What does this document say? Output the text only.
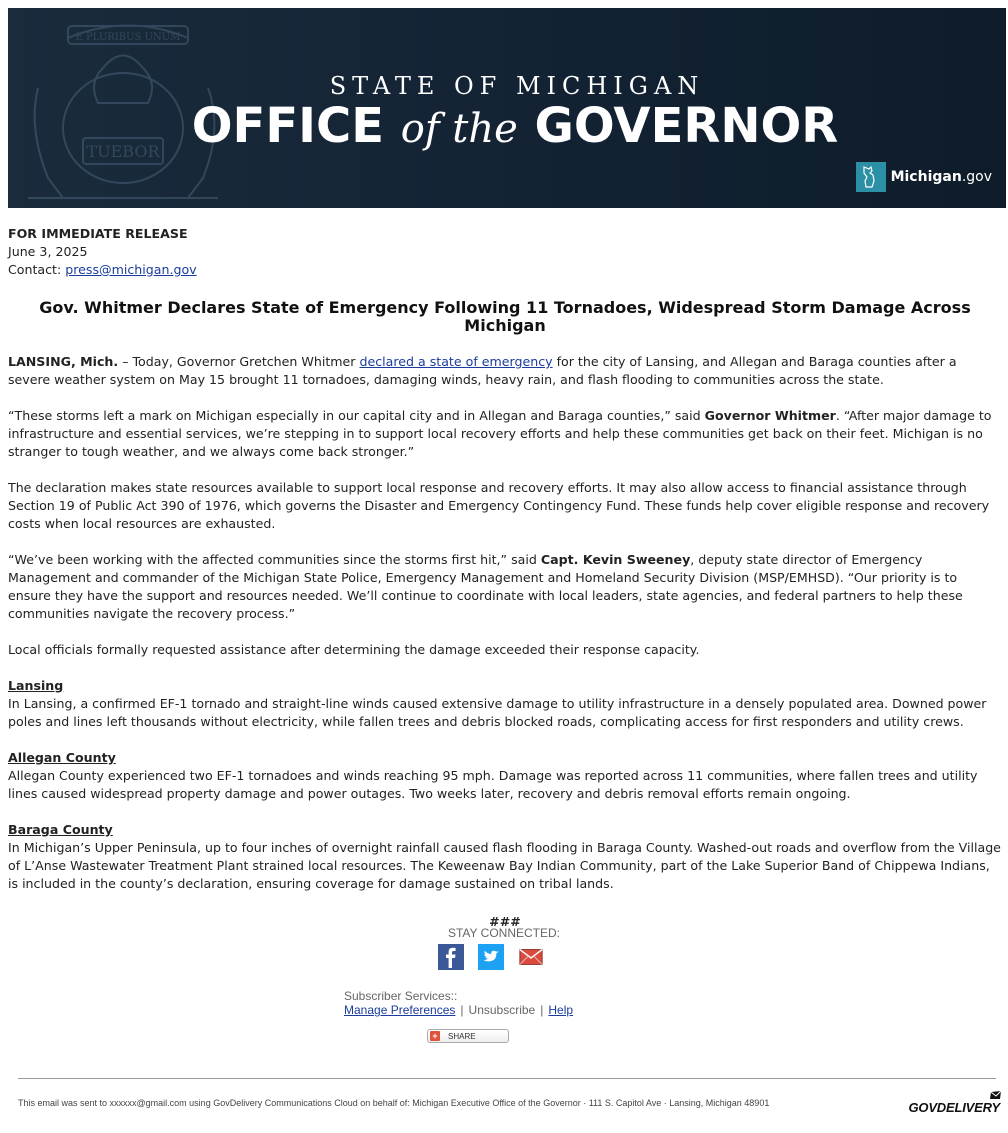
E PLURIBUS UNUM
TUEBOR
STATE OF MICHIGAN
OFFICE of the GOVERNOR
Michigan .gov
FOR IMMEDIATE RELEASE
June 3, 2025
Contact: press@michigan.gov
Gov. Whitmer Declares State of Emergency Following 11 Tornadoes, Widespread Storm Damage Across Michigan

LANSING, Mich. – Today, Governor Gretchen Whitmer declared a state of emergency for the city of Lansing, and Allegan and Baraga counties after a severe weather system on May 15 brought 11 tornadoes, damaging winds, heavy rain, and flash flooding to communities across the state.

“These storms left a mark on Michigan especially in our capital city and in Allegan and Baraga counties,” said Governor Whitmer. “After major damage to infrastructure and essential services, we’re stepping in to support local recovery efforts and help these communities get back on their feet. Michigan is no stranger to tough weather, and we always come back stronger.”

The declaration makes state resources available to support local response and recovery efforts. It may also allow access to financial assistance through Section 19 of Public Act 390 of 1976, which governs the Disaster and Emergency Contingency Fund. These funds help cover eligible response and recovery costs when local resources are exhausted.

“We’ve been working with the affected communities since the storms first hit,” said Capt. Kevin Sweeney, deputy state director of Emergency Management and commander of the Michigan State Police, Emergency Management and Homeland Security Division (MSP/EMHSD). “Our priority is to ensure they have the support and resources needed. We’ll continue to coordinate with local leaders, state agencies, and federal partners to help these communities navigate the recovery process.”

Local officials formally requested assistance after determining the damage exceeded their response capacity.

Lansing
In Lansing, a confirmed EF-1 tornado and straight-line winds caused extensive damage to utility infrastructure in a densely populated area. Downed power poles and lines left thousands without electricity, while fallen trees and debris blocked roads, complicating access for first responders and utility crews.

Allegan County
Allegan County experienced two EF-1 tornadoes and winds reaching 95 mph. Damage was reported across 11 communities, where fallen trees and utility lines caused widespread property damage and power outages. Two weeks later, recovery and debris removal efforts remain ongoing.

Baraga County
In Michigan’s Upper Peninsula, up to four inches of overnight rainfall caused flash flooding in Baraga County. Washed-out roads and overflow from the Village of L’Anse Wastewater Treatment Plant strained local resources. The Keweenaw Bay Indian Community, part of the Lake Superior Band of Chippewa Indians, is included in the county’s declaration, ensuring coverage for damage sustained on tribal lands.

###
STAY CONNECTED:
Subscriber Services::
Manage Preferences | Unsubscribe | Help
+ SHARE
This email was sent to xxxxxx@gmail.com using GovDelivery Communications Cloud on behalf of: Michigan Executive Office of the Governor · 111 S. Capitol Ave · Lansing, Michigan 48901	GOVDELIVERY
